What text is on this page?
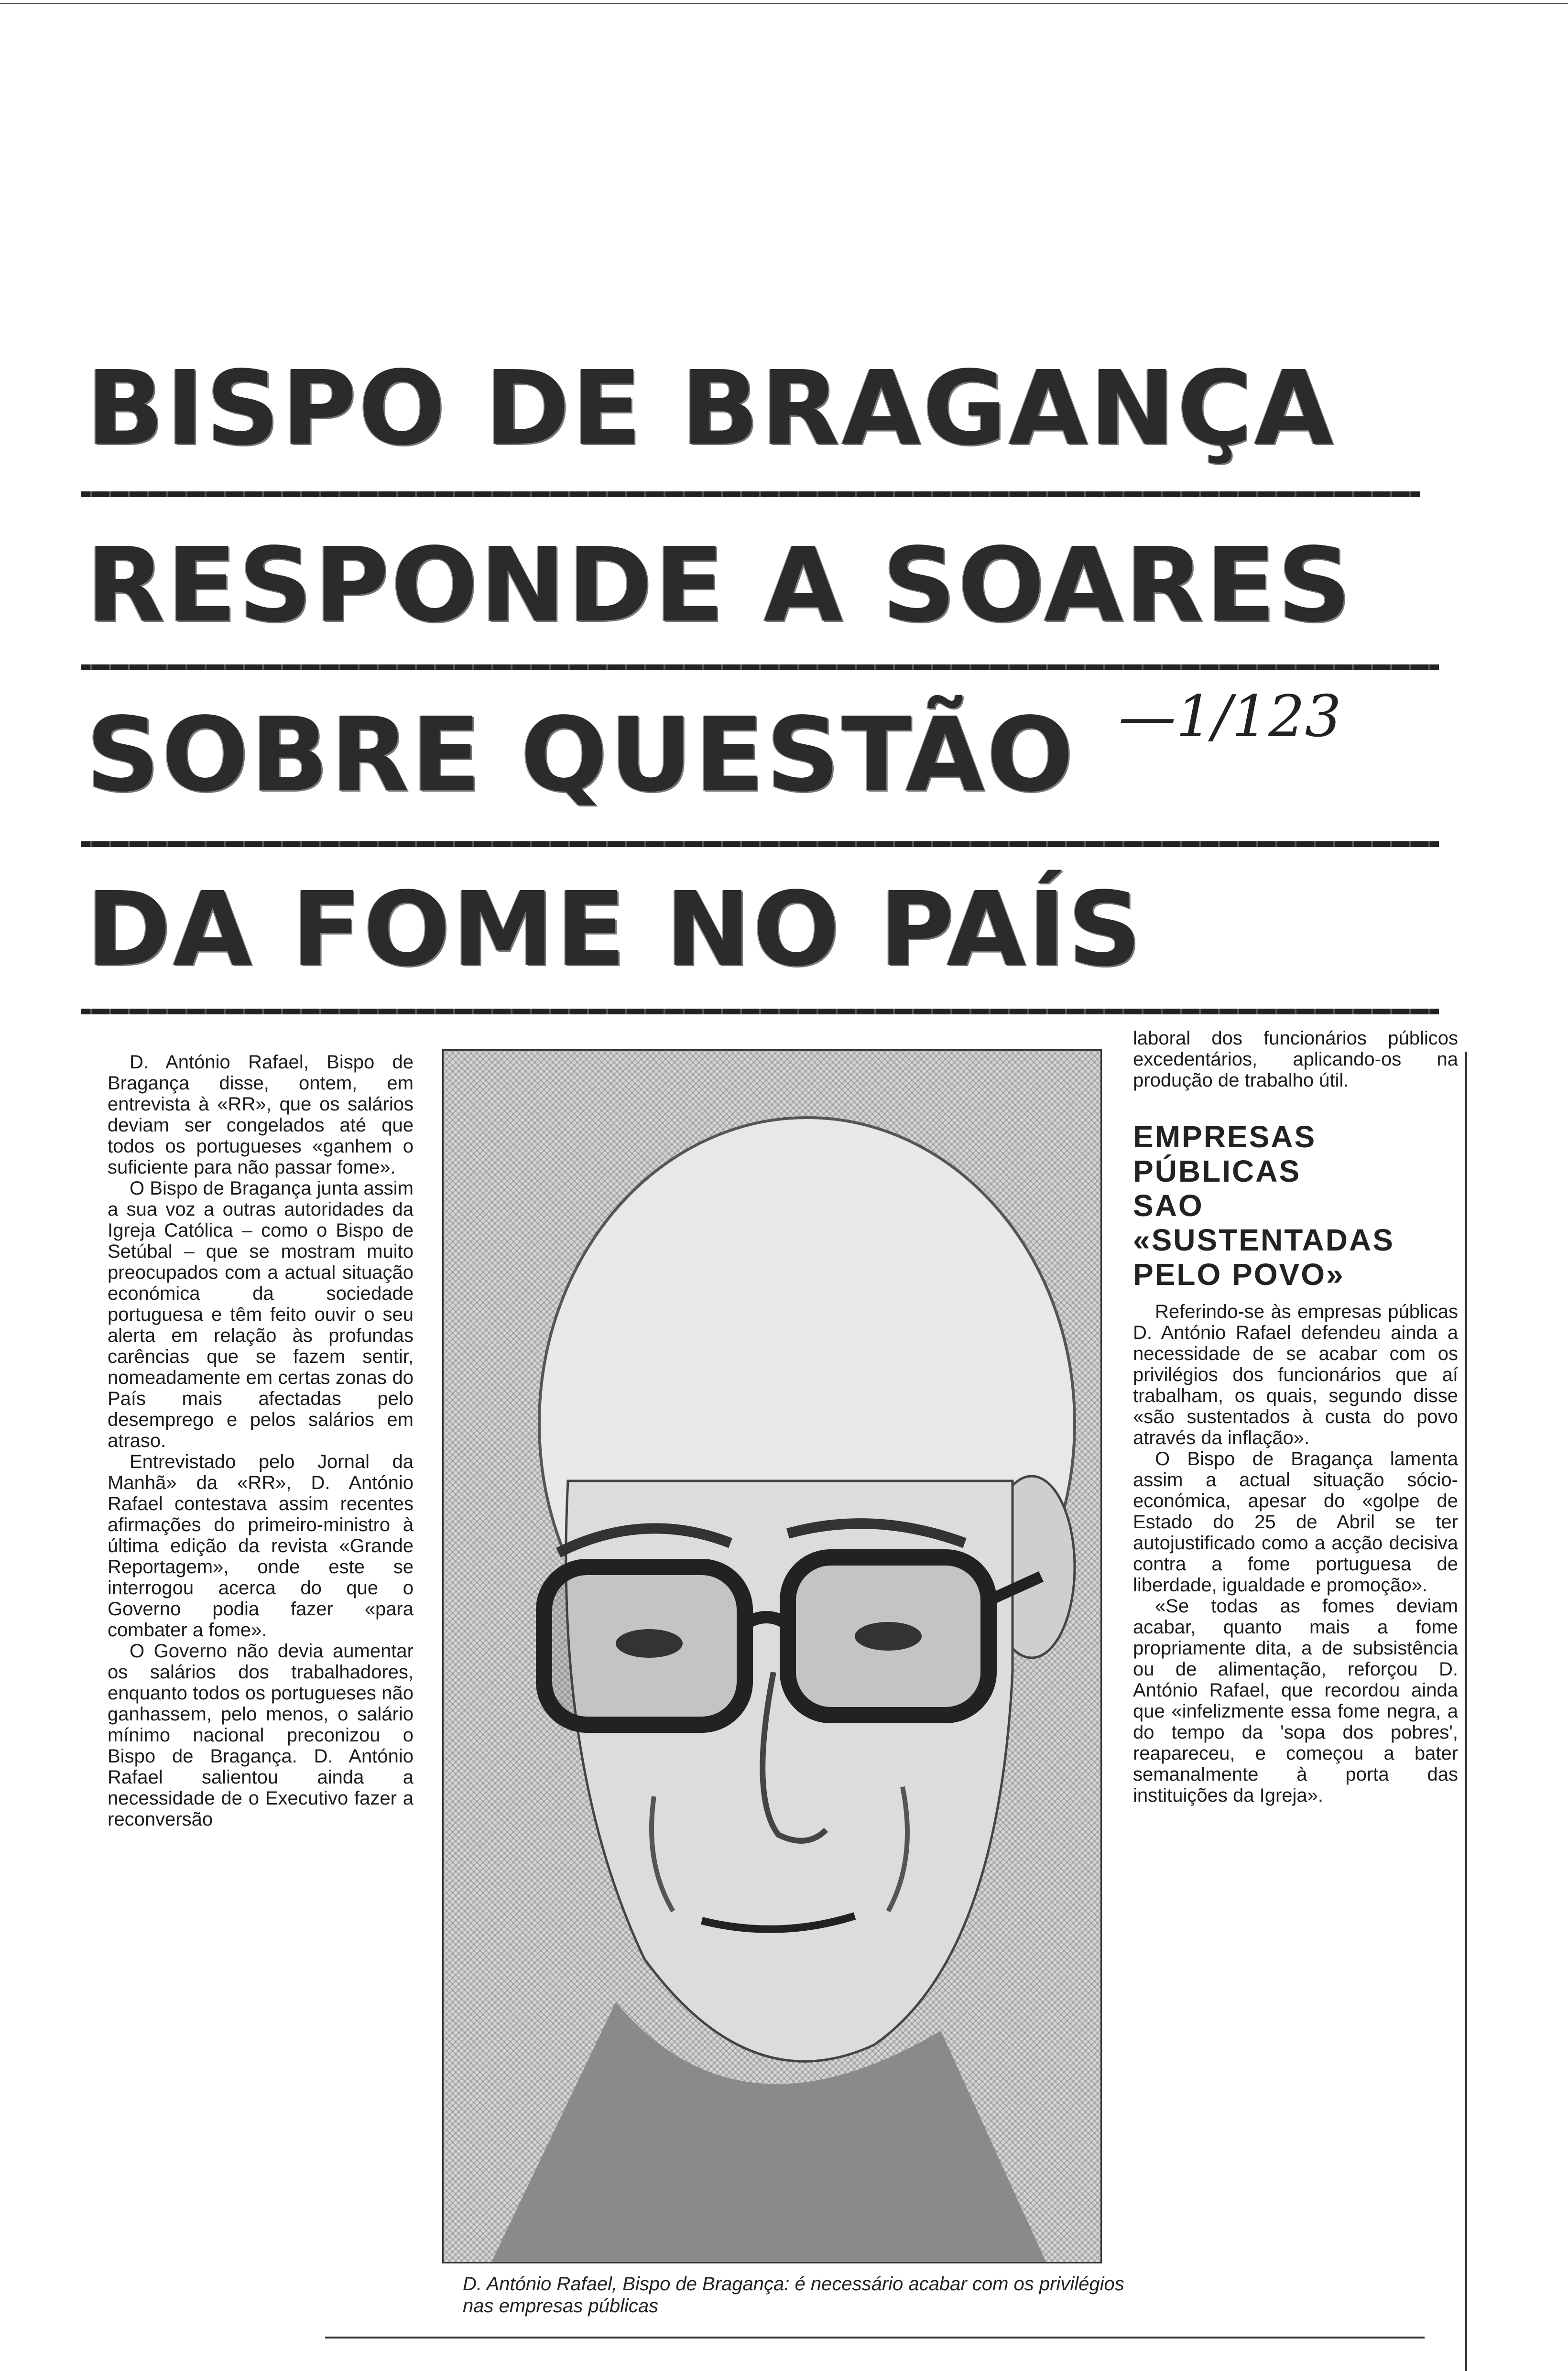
BISPO DE BRAGANÇA
RESPONDE A SOARES
SOBRE QUESTÃO —1/123
DA FOME NO PAÍS

D. António Rafael, Bispo de Bragança disse, ontem, em entrevista à «RR», que os salários deviam ser congelados até que todos os portugueses «ganhem o suficiente para não passar fome».

O Bispo de Bragança junta assim a sua voz a outras autoridades da Igreja Católica – como o Bispo de Setúbal – que se mostram muito preocupados com a actual situação económica da sociedade portuguesa e têm feito ouvir o seu alerta em relação às profundas carências que se fazem sentir, nomeadamente em certas zonas do País mais afectadas pelo desemprego e pelos salários em atraso.

Entrevistado pelo Jornal da Manhã» da «RR», D. António Rafael contestava assim recentes afirmações do primeiro-ministro à última edição da revista «Grande Reportagem», onde este se interrogou acerca do que o Governo podia fazer «para combater a fome».

O Governo não devia aumentar os salários dos trabalhadores, enquanto todos os portugueses não ganhassem, pelo menos, o salário mínimo nacional preconizou o Bispo de Bragança. D. António Rafael salientou ainda a necessidade de o Executivo fazer a reconversão

D. António Rafael, Bispo de Bragança: é necessário acabar com os privilégios nas empresas públicas

laboral dos funcionários públicos excedentários, aplicando-os na produção de trabalho útil.

EMPRESAS
PÚBLICAS
SAO
«SUSTENTADAS
PELO POVO»

Referindo-se às empresas públicas D. António Rafael defendeu ainda a necessidade de se acabar com os privilégios dos funcionários que aí trabalham, os quais, segundo disse «são sustentados à custa do povo através da inflação».

O Bispo de Bragança lamenta assim a actual situação sócio-económica, apesar do «golpe de Estado do 25 de Abril se ter autojustificado como a acção decisiva contra a fome portuguesa de liberdade, igualdade e promoção».

«Se todas as fomes deviam acabar, quanto mais a fome propriamente dita, a de subsistência ou de alimentação, reforçou D. António Rafael, que recordou ainda que «infelizmente essa fome negra, a do tempo da 'sopa dos pobres', reapareceu, e começou a bater semanalmente à porta das instituições da Igreja».
